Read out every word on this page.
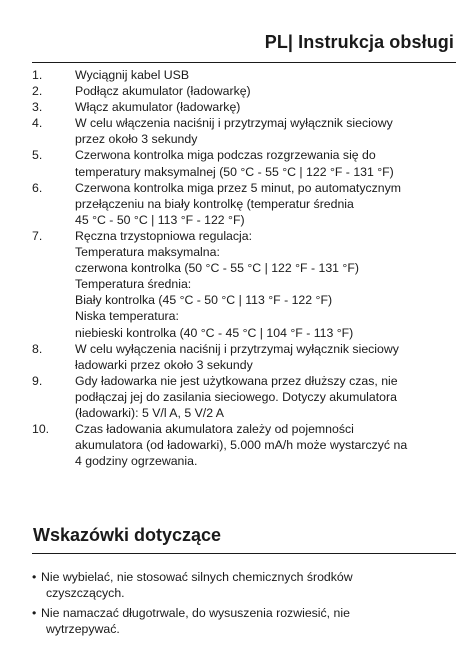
PL| Instrukcja obsługi
1.	Wyciągnij kabel USB
2.	Podłącz akumulator (ładowarkę)
3.	Włącz akumulator (ładowarkę)
4.	W celu włączenia naciśnij i przytrzymaj wyłącznik sieciowy
przez około 3 sekundy
5.	Czerwona kontrolka miga podczas rozgrzewania się do
temperatury maksymalnej (50 °C - 55 °C | 122 °F - 131 °F)
6.	Czerwona kontrolka miga przez 5 minut, po automatycznym
przełączeniu na biały kontrolkę (temperatur średnia
45 °C - 50 °C | 113 °F - 122 °F)
7.	Ręczna trzystopniowa regulacja:
Temperatura maksymalna:
czerwona kontrolka (50 °C - 55 °C | 122 °F - 131 °F)
Temperatura średnia:
Biały kontrolka (45 °C - 50 °C | 113 °F - 122 °F)
Niska temperatura:
niebieski kontrolka (40 °C - 45 °C | 104 °F - 113 °F)
8.	W celu wyłączenia naciśnij i przytrzymaj wyłącznik sieciowy
ładowarki przez około 3 sekundy
9.	Gdy ładowarka nie jest użytkowana przez dłuższy czas, nie
podłączaj jej do zasilania sieciowego. Dotyczy akumulatora
(ładowarki): 5 V/l A, 5 V/2 A
10.	Czas ładowania akumulatora zależy od pojemności
akumulatora (od ładowarki), 5.000 mA/h może wystarczyć na
4 godziny ogrzewania.
Wskazówki dotyczące
• Nie wybielać, nie stosować silnych chemicznych środków
czyszczących.
• Nie namaczać długotrwale, do wysuszenia rozwiesić, nie
wytrzepywać.
